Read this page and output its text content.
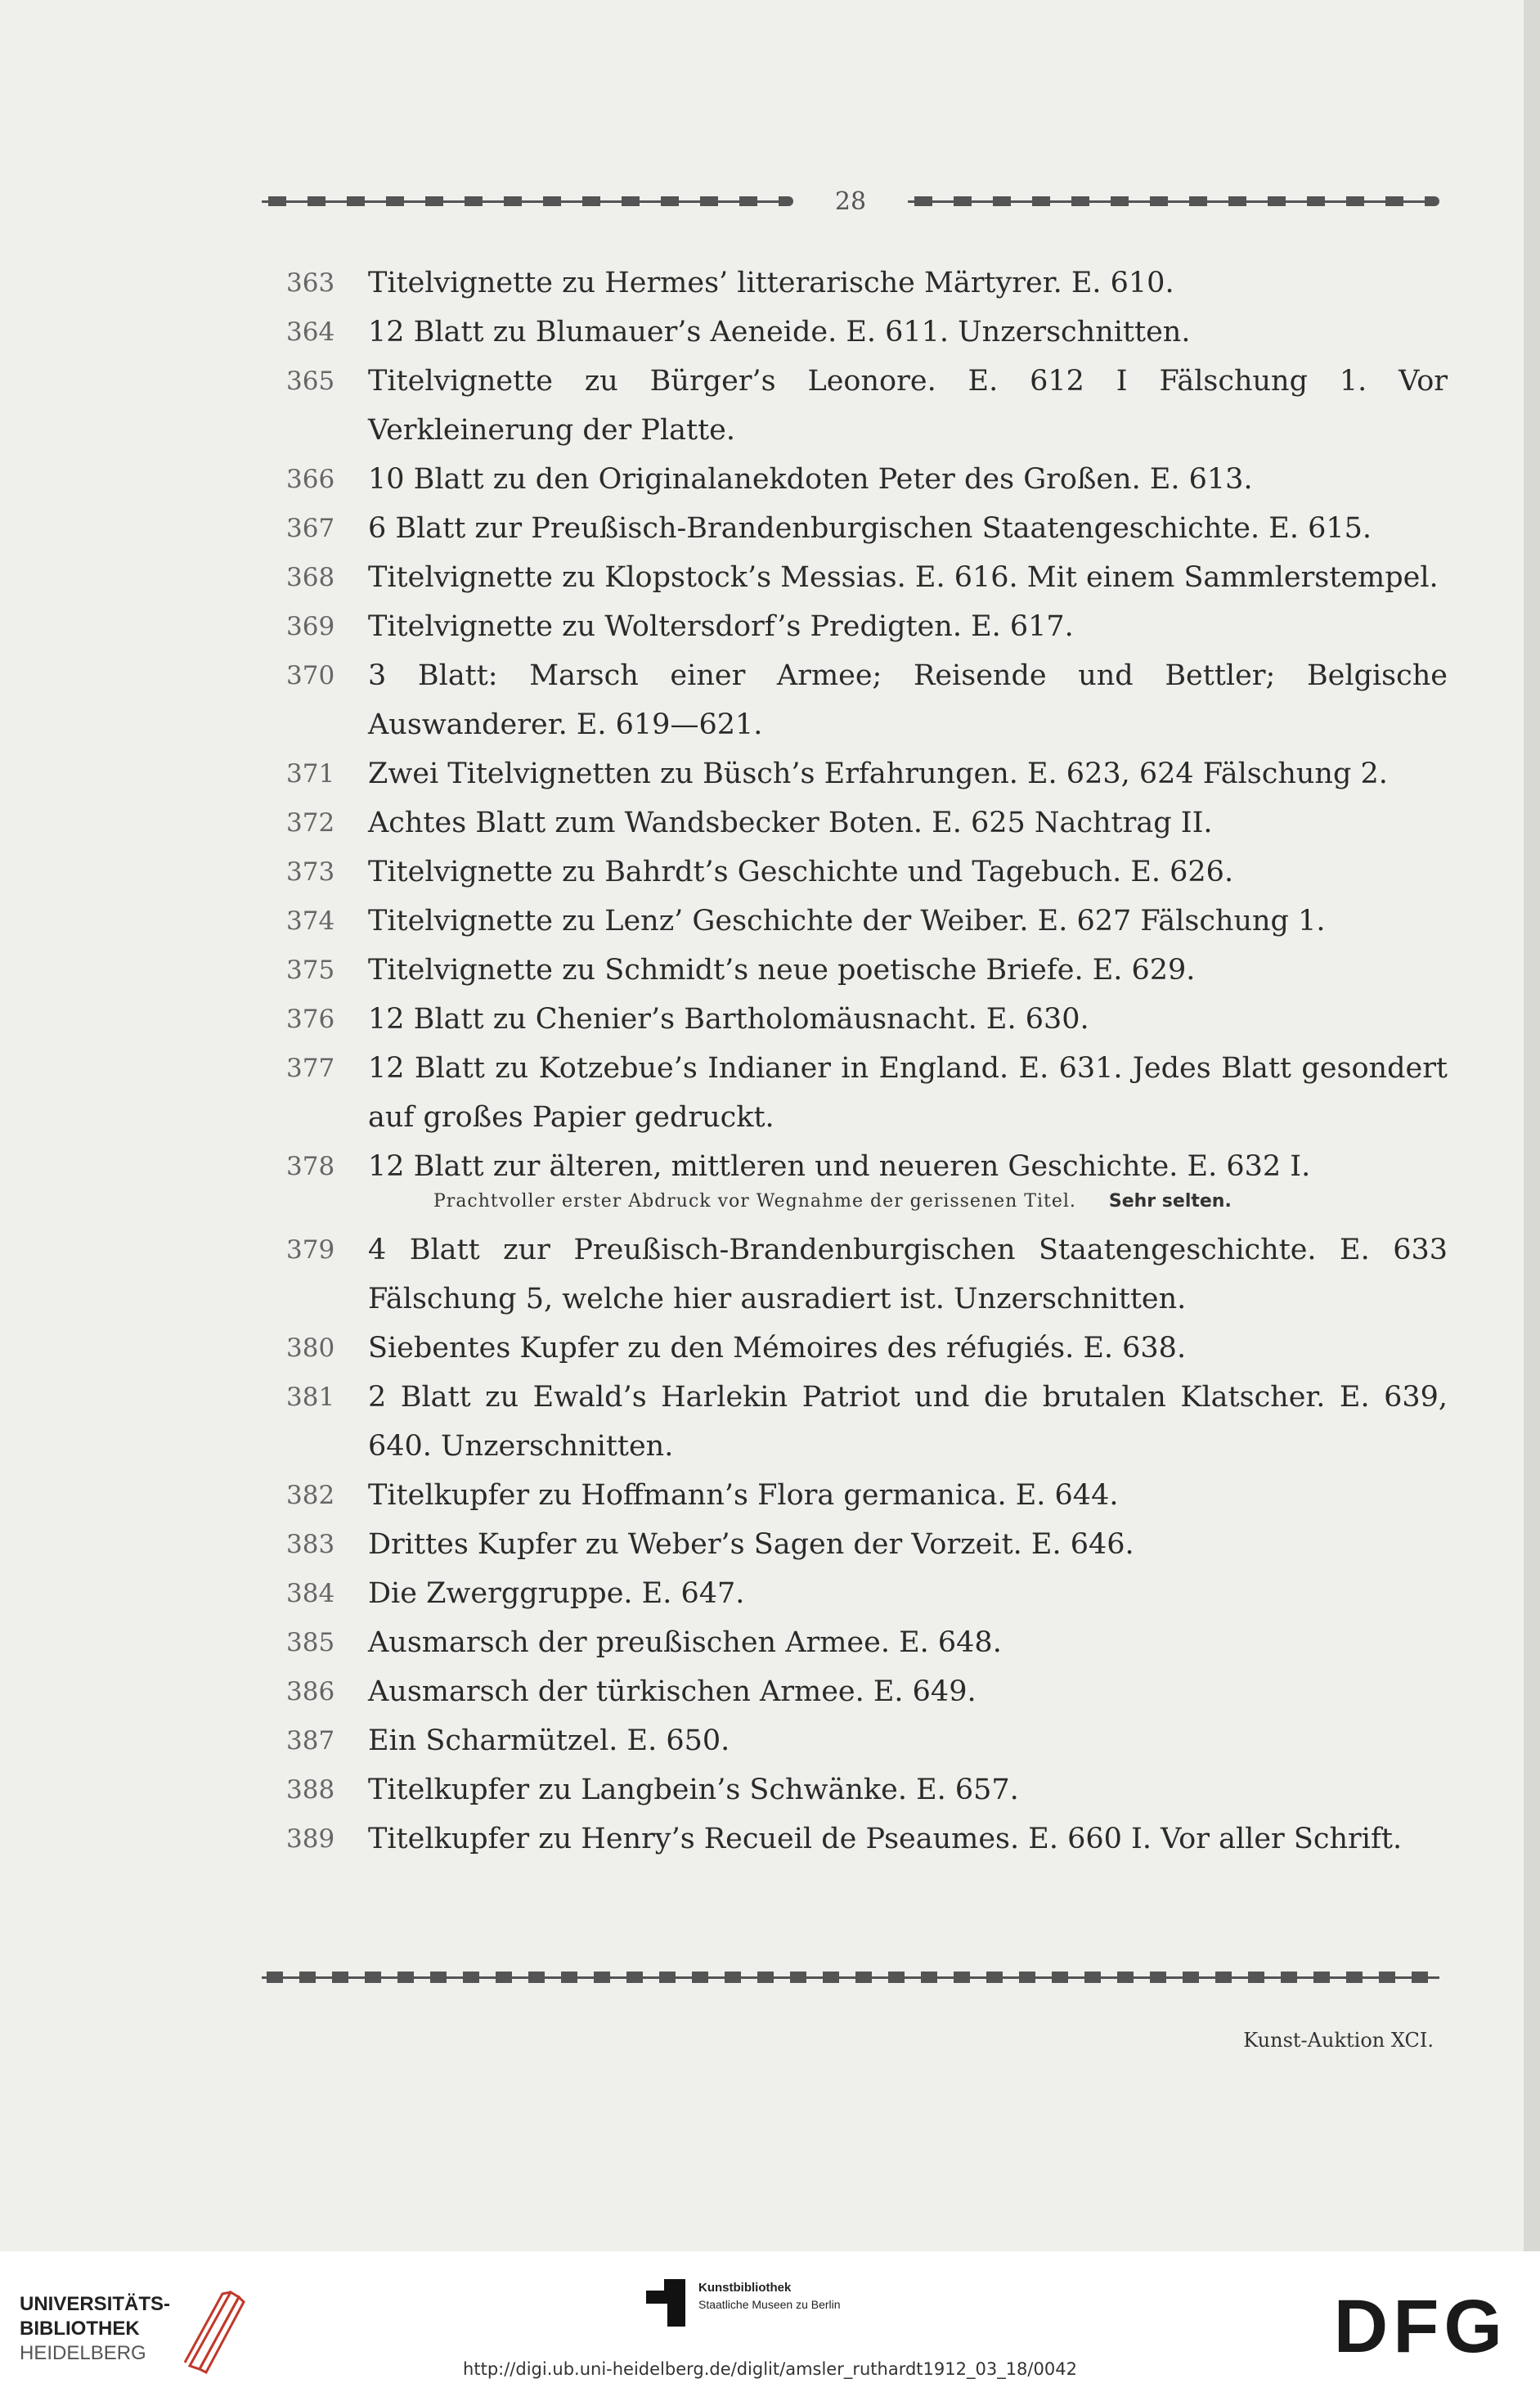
28

363 Titelvignette zu Hermes’ litterarische Märtyrer. E. 610.

364 12 Blatt zu Blumauer’s Aeneide. E. 611. Unzerschnitten.

365 Titelvignette zu Bürger’s Leonore. E. 612 I Fälschung 1. Vor Verkleinerung der Platte.

366 10 Blatt zu den Originalanekdoten Peter des Großen. E. 613.

367 6 Blatt zur Preußisch-Brandenburgischen Staatengeschichte. E. 615.

368 Titelvignette zu Klopstock’s Messias. E. 616. Mit einem Sammlerstempel.

369 Titelvignette zu Woltersdorf’s Predigten. E. 617.

370 3 Blatt: Marsch einer Armee; Reisende und Bettler; Belgische Auswanderer. E. 619—621.

371 Zwei Titelvignetten zu Büsch’s Erfahrungen. E. 623, 624 Fälschung 2.

372 Achtes Blatt zum Wandsbecker Boten. E. 625 Nachtrag II.

373 Titelvignette zu Bahrdt’s Geschichte und Tagebuch. E. 626.

374 Titelvignette zu Lenz’ Geschichte der Weiber. E. 627 Fälschung 1.

375 Titelvignette zu Schmidt’s neue poetische Briefe. E. 629.

376 12 Blatt zu Chenier’s Bartholomäusnacht. E. 630.

377 12 Blatt zu Kotzebue’s Indianer in England. E. 631. Jedes Blatt gesondert auf großes Papier gedruckt.

378 12 Blatt zur älteren, mittleren und neueren Geschichte. E. 632 I.

Prachtvoller erster Abdruck vor Wegnahme der gerissenen Titel. Sehr selten.

379 4 Blatt zur Preußisch-Brandenburgischen Staatengeschichte. E. 633 Fälschung 5, welche hier ausradiert ist. Unzerschnitten.

380 Siebentes Kupfer zu den Mémoires des réfugiés. E. 638.

381 2 Blatt zu Ewald’s Harlekin Patriot und die brutalen Klatscher. E. 639, 640. Unzerschnitten.

382 Titelkupfer zu Hoffmann’s Flora germanica. E. 644.

383 Drittes Kupfer zu Weber’s Sagen der Vorzeit. E. 646.

384 Die Zwerggruppe. E. 647.

385 Ausmarsch der preußischen Armee. E. 648.

386 Ausmarsch der türkischen Armee. E. 649.

387 Ein Scharmützel. E. 650.

388 Titelkupfer zu Langbein’s Schwänke. E. 657.

389 Titelkupfer zu Henry’s Recueil de Pseaumes. E. 660 I. Vor aller Schrift.

Kunst-Auktion XCI.
UNIVERSITÄTS-
BIBLIOTHEK
HEIDELBERG
Kunstbibliothek
Staatliche Museen zu Berlin	DFG
http://digi.ub.uni-heidelberg.de/diglit/amsler_ruthardt1912_03_18/0042
